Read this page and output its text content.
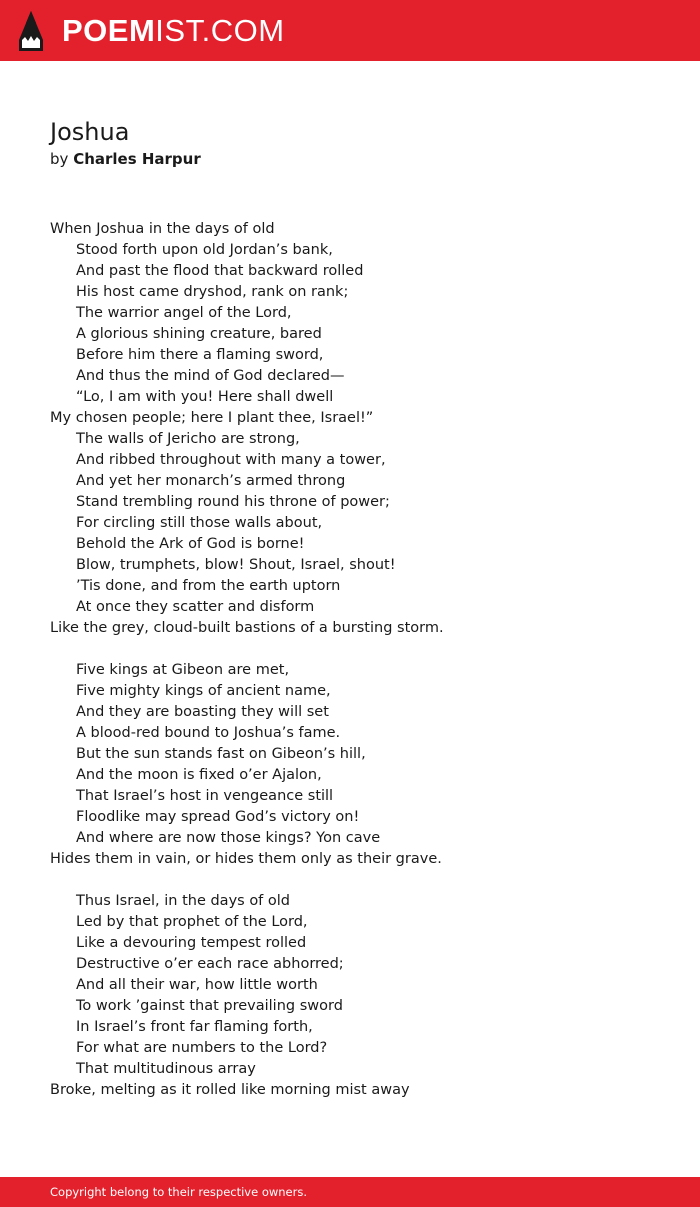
POEMIST.COM
Joshua
by Charles Harpur
When Joshua in the days of old
Stood forth upon old Jordan’s bank,
And past the flood that backward rolled
His host came dryshod, rank on rank;
The warrior angel of the Lord,
A glorious shining creature, bared
Before him there a flaming sword,
And thus the mind of God declared—
“Lo, I am with you! Here shall dwell
My chosen people; here I plant thee, Israel!”
The walls of Jericho are strong,
And ribbed throughout with many a tower,
And yet her monarch’s armed throng
Stand trembling round his throne of power;
For circling still those walls about,
Behold the Ark of God is borne!
Blow, trumphets, blow! Shout, Israel, shout!
’Tis done, and from the earth uptorn
At once they scatter and disform
Like the grey, cloud-built bastions of a bursting storm.
Five kings at Gibeon are met,
Five mighty kings of ancient name,
And they are boasting they will set
A blood-red bound to Joshua’s fame.
But the sun stands fast on Gibeon’s hill,
And the moon is fixed o’er Ajalon,
That Israel’s host in vengeance still
Floodlike may spread God’s victory on!
And where are now those kings? Yon cave
Hides them in vain, or hides them only as their grave.
Thus Israel, in the days of old
Led by that prophet of the Lord,
Like a devouring tempest rolled
Destructive o’er each race abhorred;
And all their war, how little worth
To work ’gainst that prevailing sword
In Israel’s front far flaming forth,
For what are numbers to the Lord?
That multitudinous array
Broke, melting as it rolled like morning mist away
Copyright belong to their respective owners.
